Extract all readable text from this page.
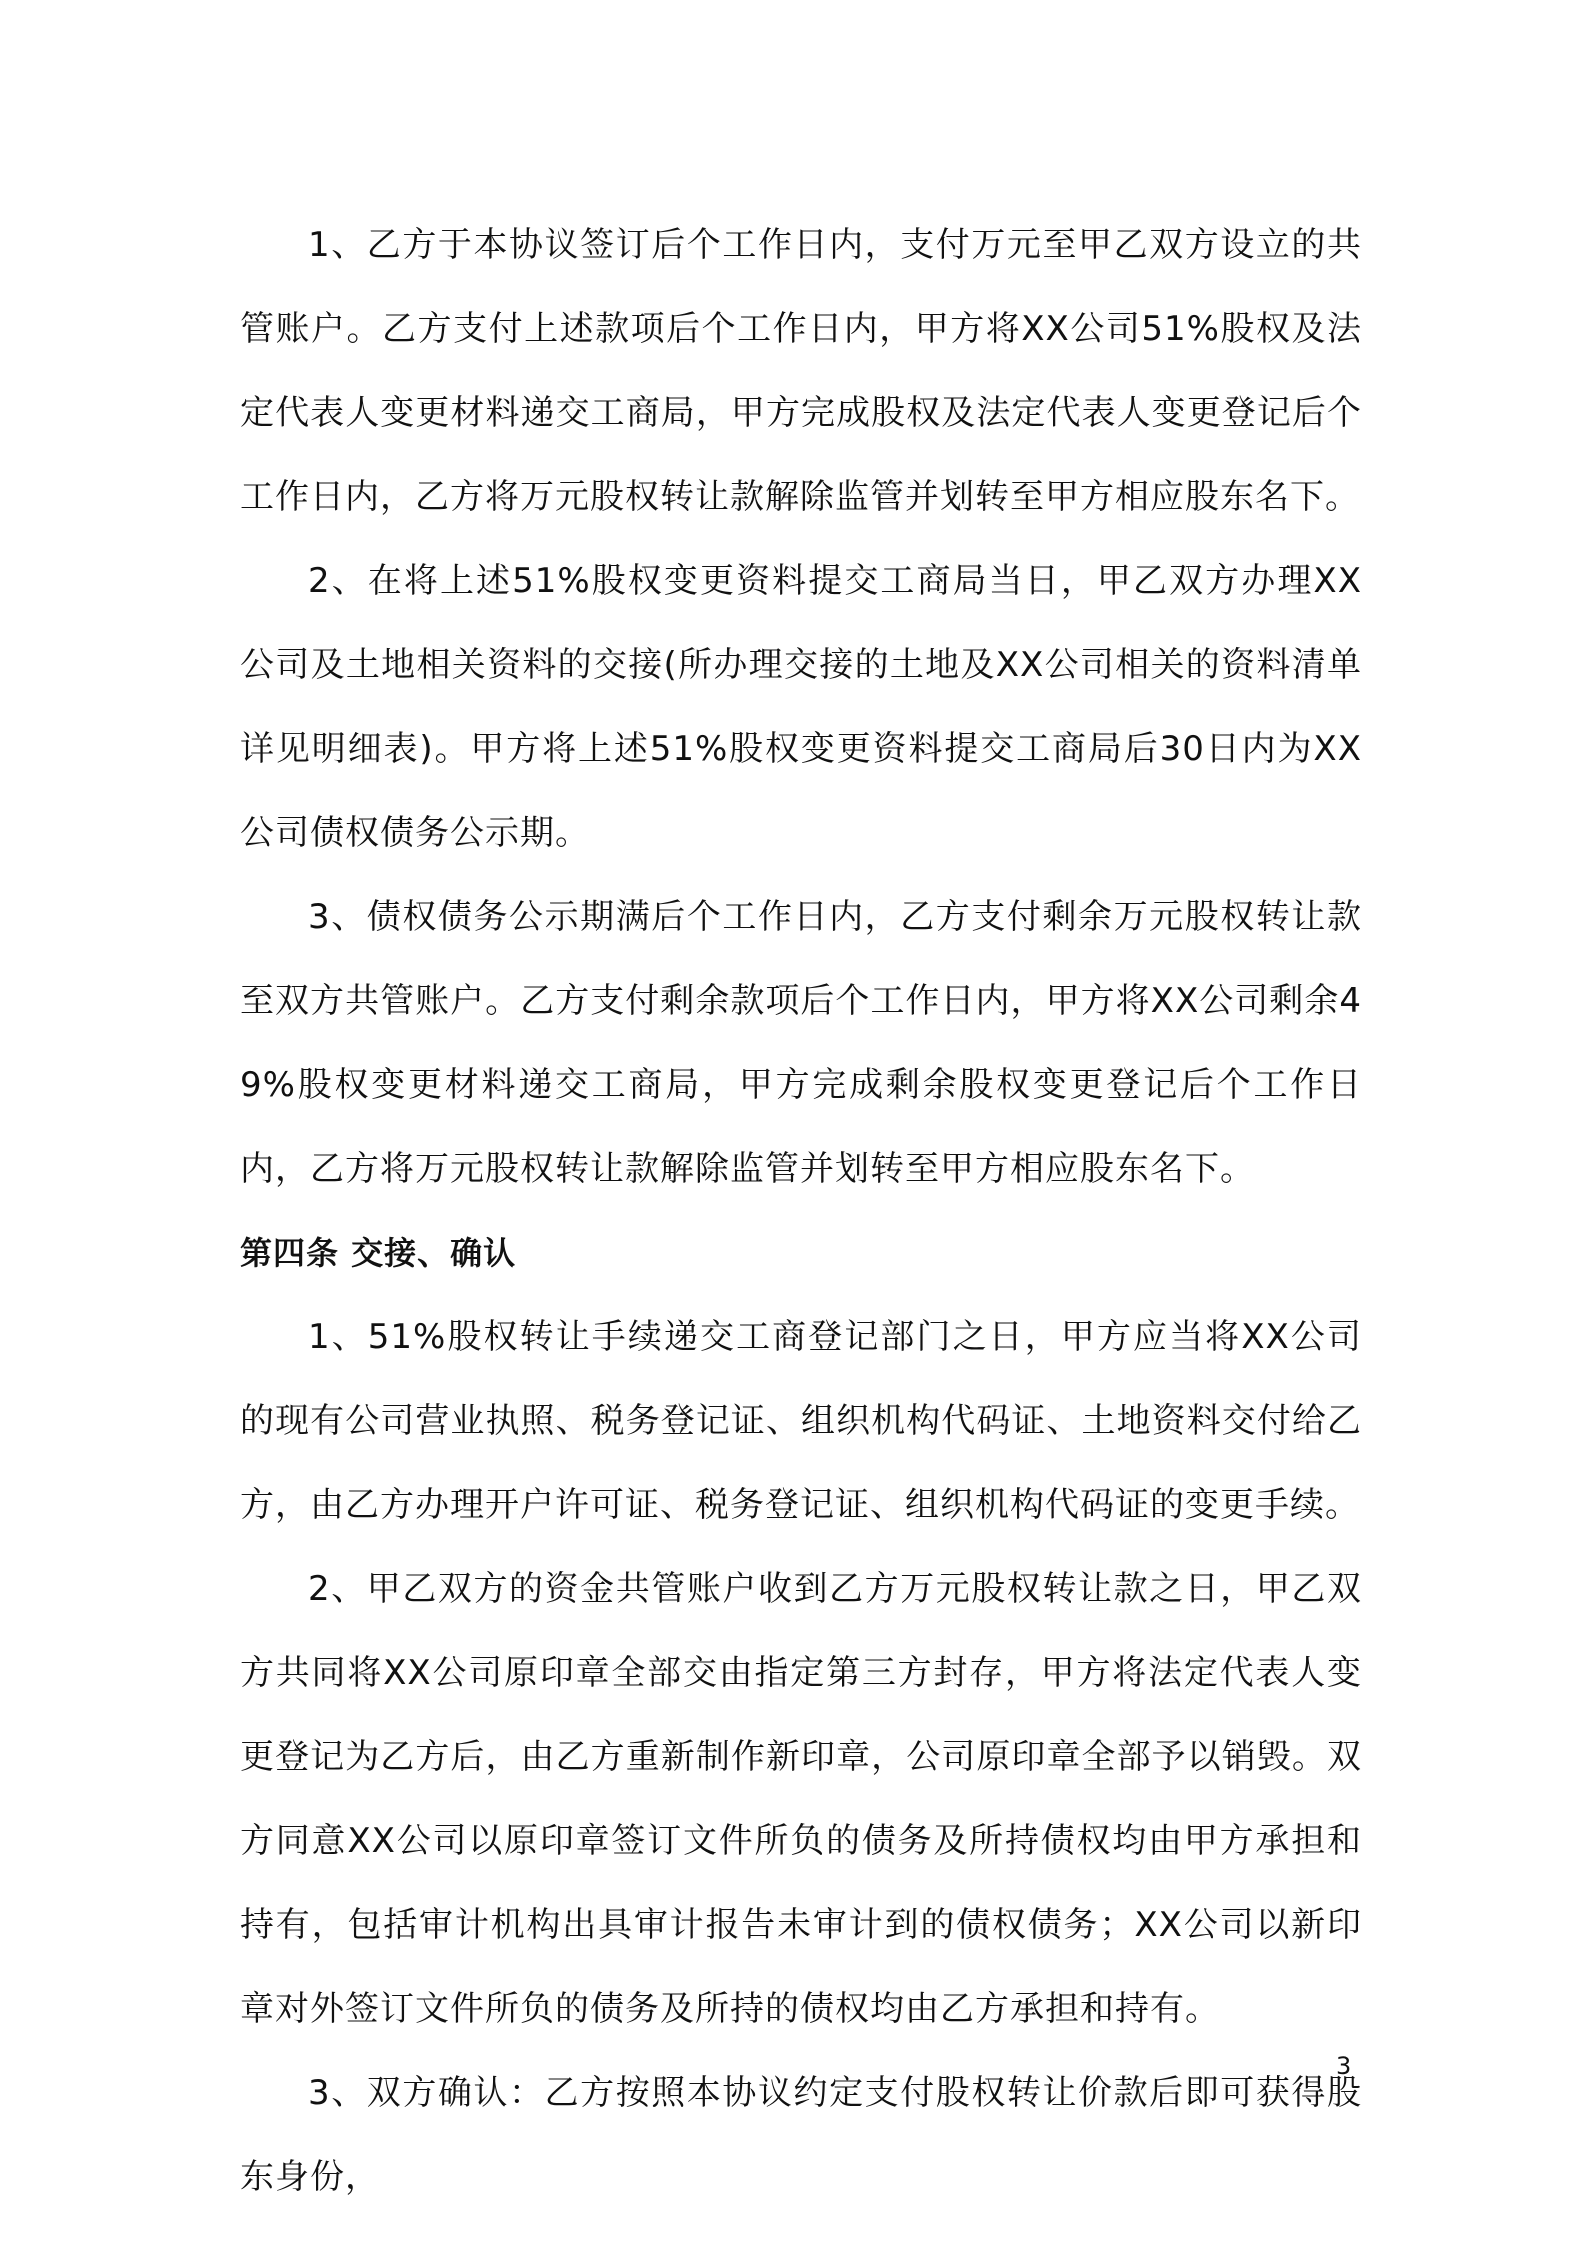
1、乙方于本协议签订后个工作日内，支付万元至甲乙双方设立的共管账户。乙方支付上述款项后个工作日内，甲方将XX公司51%股权及法定代表人变更材料递交工商局，甲方完成股权及法定代表人变更登记后个工作日内，乙方将万元股权转让款解除监管并划转至甲方相应股东名下。

2、在将上述51%股权变更资料提交工商局当日，甲乙双方办理XX公司及土地相关资料的交接(所办理交接的土地及XX公司相关的资料清单详见明细表)。甲方将上述51%股权变更资料提交工商局后30日内为XX公司债权债务公示期。

3、债权债务公示期满后个工作日内，乙方支付剩余万元股权转让款至双方共管账户。乙方支付剩余款项后个工作日内，甲方将XX公司剩余49%股权变更材料递交工商局，甲方完成剩余股权变更登记后个工作日内，乙方将万元股权转让款解除监管并划转至甲方相应股东名下。

第四条 交接、确认

1、51%股权转让手续递交工商登记部门之日，甲方应当将XX公司的现有公司营业执照、税务登记证、组织机构代码证、土地资料交付给乙方，由乙方办理开户许可证、税务登记证、组织机构代码证的变更手续。

2、甲乙双方的资金共管账户收到乙方万元股权转让款之日，甲乙双方共同将XX公司原印章全部交由指定第三方封存，甲方将法定代表人变更登记为乙方后，由乙方重新制作新印章，公司原印章全部予以销毁。双方同意XX公司以原印章签订文件所负的债务及所持债权均由甲方承担和持有，包括审计机构出具审计报告未审计到的债权债务；XX公司以新印章对外签订文件所负的债务及所持的债权均由乙方承担和持有。

3、双方确认：乙方按照本协议约定支付股权转让价款后即可获得股东身份，

3
